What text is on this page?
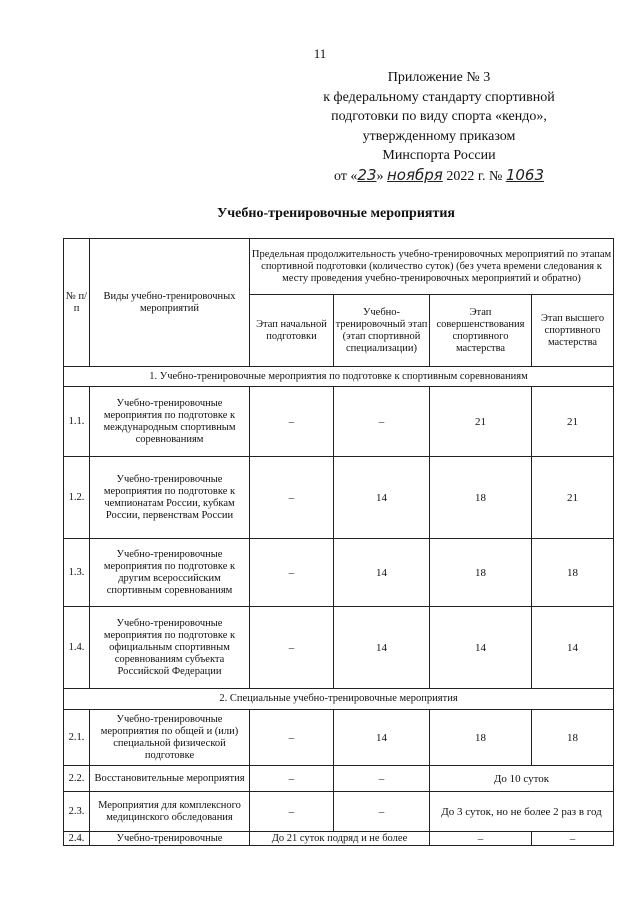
11
Приложение № 3
к федеральному стандарту спортивной
подготовки по виду спорта «кендо»,
утвержденному приказом
Минспорта России
от «23» ноября 2022 г. № 1063
Учебно-тренировочные мероприятия
№ п/п	Виды учебно-тренировочных мероприятий	Предельная продолжительность учебно-тренировочных мероприятий по этапам спортивной подготовки (количество суток) (без учета времени следования к месту проведения учебно-тренировочных мероприятий и обратно)			
		Этап начальной подготовки	Учебно-тренировочный этап (этап спортивной специализации)	Этап совершенствования спортивного мастерства	Этап высшего спортивного мастерства
1. Учебно-тренировочные мероприятия по подготовке к спортивным соревнованиям					
1.1.	Учебно-тренировочные мероприятия по подготовке к международным спортивным соревнованиям	–	–	21	21
1.2.	Учебно-тренировочные мероприятия по подготовке к чемпионатам России, кубкам России, первенствам России	–	14	18	21
1.3.	Учебно-тренировочные мероприятия по подготовке к другим всероссийским спортивным соревнованиям	–	14	18	18
1.4.	Учебно-тренировочные мероприятия по подготовке к официальным спортивным соревнованиям субъекта Российской Федерации	–	14	14	14
2. Специальные учебно-тренировочные мероприятия					
2.1.	Учебно-тренировочные мероприятия по общей и (или) специальной физической подготовке	–	14	18	18
2.2.	Восстановительные мероприятия	–	–	До 10 суток	
2.3.	Мероприятия для комплексного медицинского обследования	–	–	До 3 суток, но не более 2 раз в год	
2.4.	Учебно-тренировочные	До 21 суток подряд и не более		–	–
